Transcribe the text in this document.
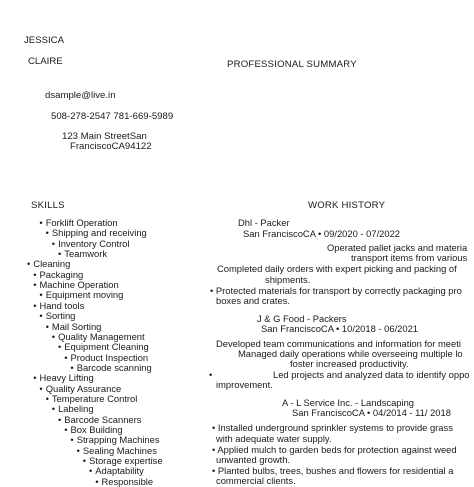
JESSICA
CLAIRE
dsample@live.in
508-278-2547 781-669-5989
123 Main StreetSan
FranciscoCA94122
PROFESSIONAL SUMMARY
SKILLS
• Forklift Operation
• Shipping and receiving
• Inventory Control
• Teamwork
• Cleaning
• Packaging
• Machine Operation
• Equipment moving
• Hand tools
• Sorting
• Mail Sorting
• Quality Management
• Equipment Cleaning
• Product Inspection
• Barcode scanning
• Heavy Lifting
• Quality Assurance
• Temperature Control
• Labeling
• Barcode Scanners
• Box Building
• Strapping Machines
• Sealing Machines
• Storage expertise
• Adaptability
• Responsible
WORK HISTORY
Dhl - Packer
San FranciscoCA • 09/2020 - 07/2022
Operated pallet jacks and materia
transport items from various
Completed daily orders with expert picking and packing of
shipments.
• Protected materials for transport by correctly packaging pro
boxes and crates.
J & G Food - Packers
San FranciscoCA • 10/2018 - 06/2021
Developed team communications and information for meeti
Managed daily operations while overseeing multiple lo
foster increased productivity.
•	Led projects and analyzed data to identify oppo
improvement.
A - L Service Inc. - Landscaping
San FranciscoCA • 04/2014 - 11/ 2018
• Installed underground sprinkler systems to provide grass
with adequate water supply.
• Applied mulch to garden beds for protection against weed
unwanted growth.
• Planted bulbs, trees, bushes and flowers for residential a
commercial clients.
